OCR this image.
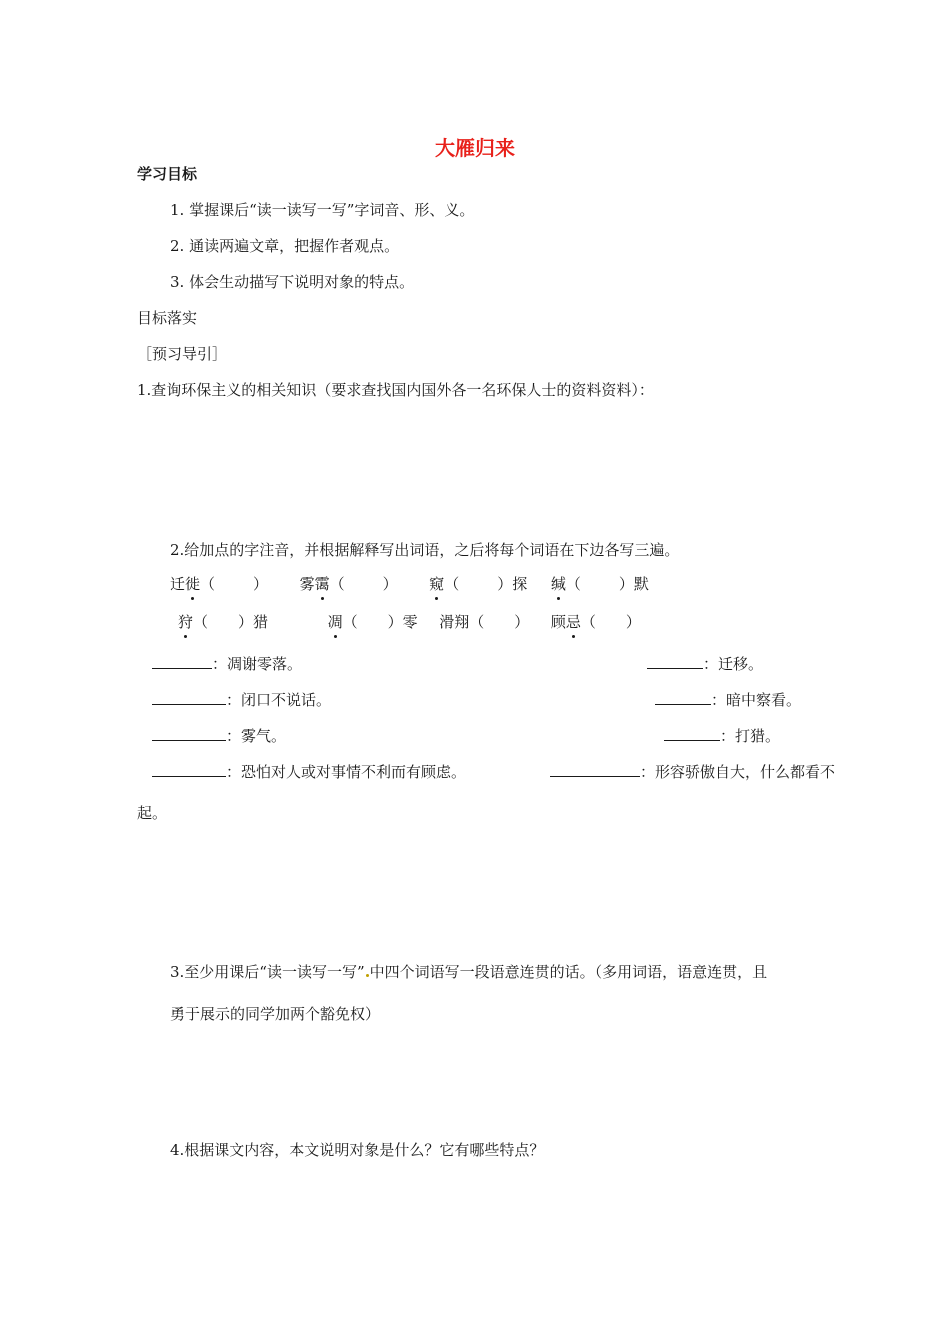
大雁归来
学习目标
1. 掌握课后“读一读写一写”字词音、形、义。
2. 通读两遍文章，把握作者观点。
3. 体会生动描写下说明对象的特点。
目标落实
［预习导引］
1.查询环保主义的相关知识（要求查找国内国外各一名环保人士的资料资料）：
2.给加点的字注音，并根据解释写出词语，之后将每个词语在下边各写三遍。
迁徙（	） 雾霭（	） 窥（	）探 缄（	）默
狩（ ）猎	凋（ ）零 滑翔（ ） 顾忌（ ）
：凋谢零落。	：迁移。
：闭口不说话。	：暗中察看。
：雾气。	：打猎。
：恐怕对人或对事情不利而有顾虑。	：形容骄傲自大，什么都看不
起。
3.至少用课后“读一读写一写” 中四个词语写一段语意连贯的话。（多用词语，语意连贯，且
勇于展示的同学加两个豁免权）
4.根据课文内容，本文说明对象是什么？它有哪些特点？
